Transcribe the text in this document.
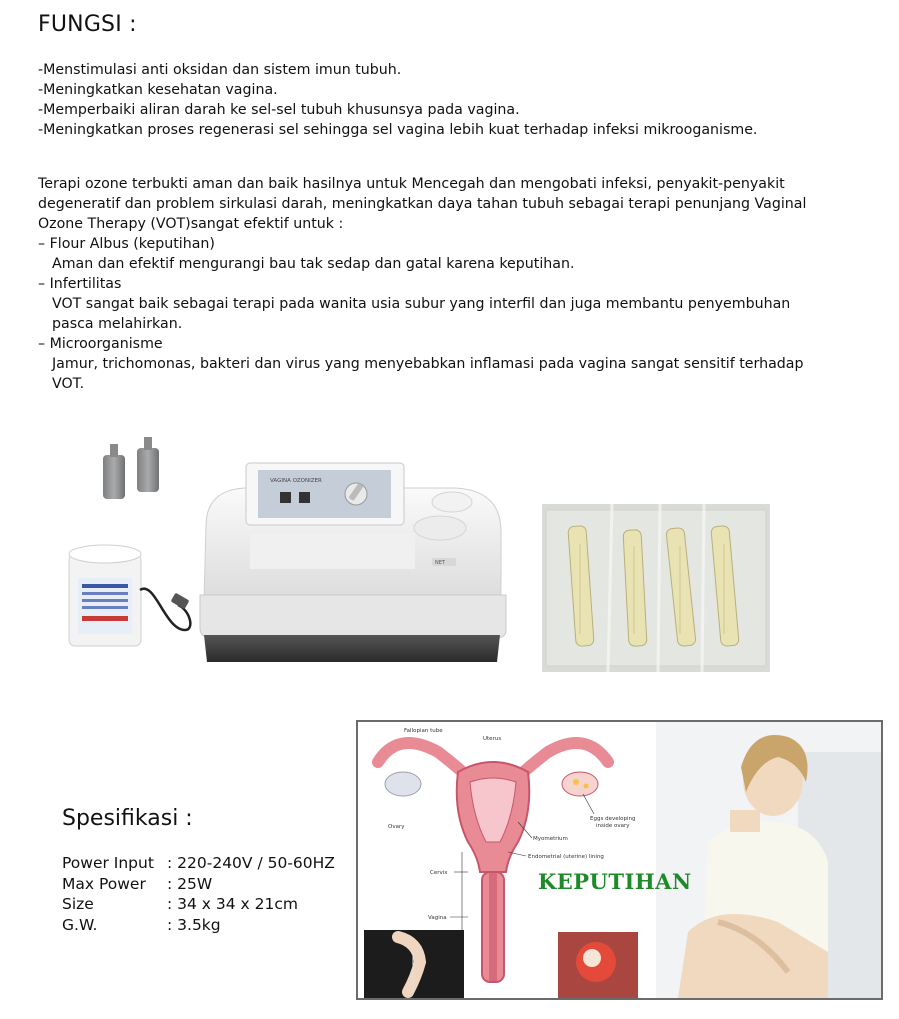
FUNGSI :
-Menstimulasi anti oksidan dan sistem imun tubuh.
-Meningkatkan kesehatan vagina.
-Memperbaiki aliran darah ke sel-sel tubuh khusunsya pada vagina.
-Meningkatkan proses regenerasi sel sehingga sel vagina lebih kuat terhadap infeksi mikrooganisme.
Terapi ozone terbukti aman dan baik hasilnya untuk Mencegah dan mengobati infeksi, penyakit-penyakit
degeneratif dan problem sirkulasi darah, meningkatkan daya tahan tubuh sebagai terapi penunjang Vaginal
Ozone Therapy (VOT)sangat efektif untuk :
– Flour Albus (keputihan)
Aman dan efektif mengurangi bau tak sedap dan gatal karena keputihan.
– Infertilitas
VOT sangat baik sebagai terapi pada wanita usia subur yang interfil dan juga membantu penyembuhan
pasca melahirkan.
– Microorganisme
Jamur, trichomonas, bakteri dan virus yang menyebabkan inflamasi pada vagina sangat sensitif terhadap
VOT.
VAGINA OZONIZER
NET
Spesifikasi :
Power Input : 220-240V / 50-60HZ
Max Power	: 25W
Size	: 34 x 34 x 21cm
G.W.	: 3.5kg
Fallopian tube
Uterus
Ovary
Eggs developing
inside ovary
Myometrium
Endometrial (uterine) lining
Cervix
Vagina
KEPUTIHAN
